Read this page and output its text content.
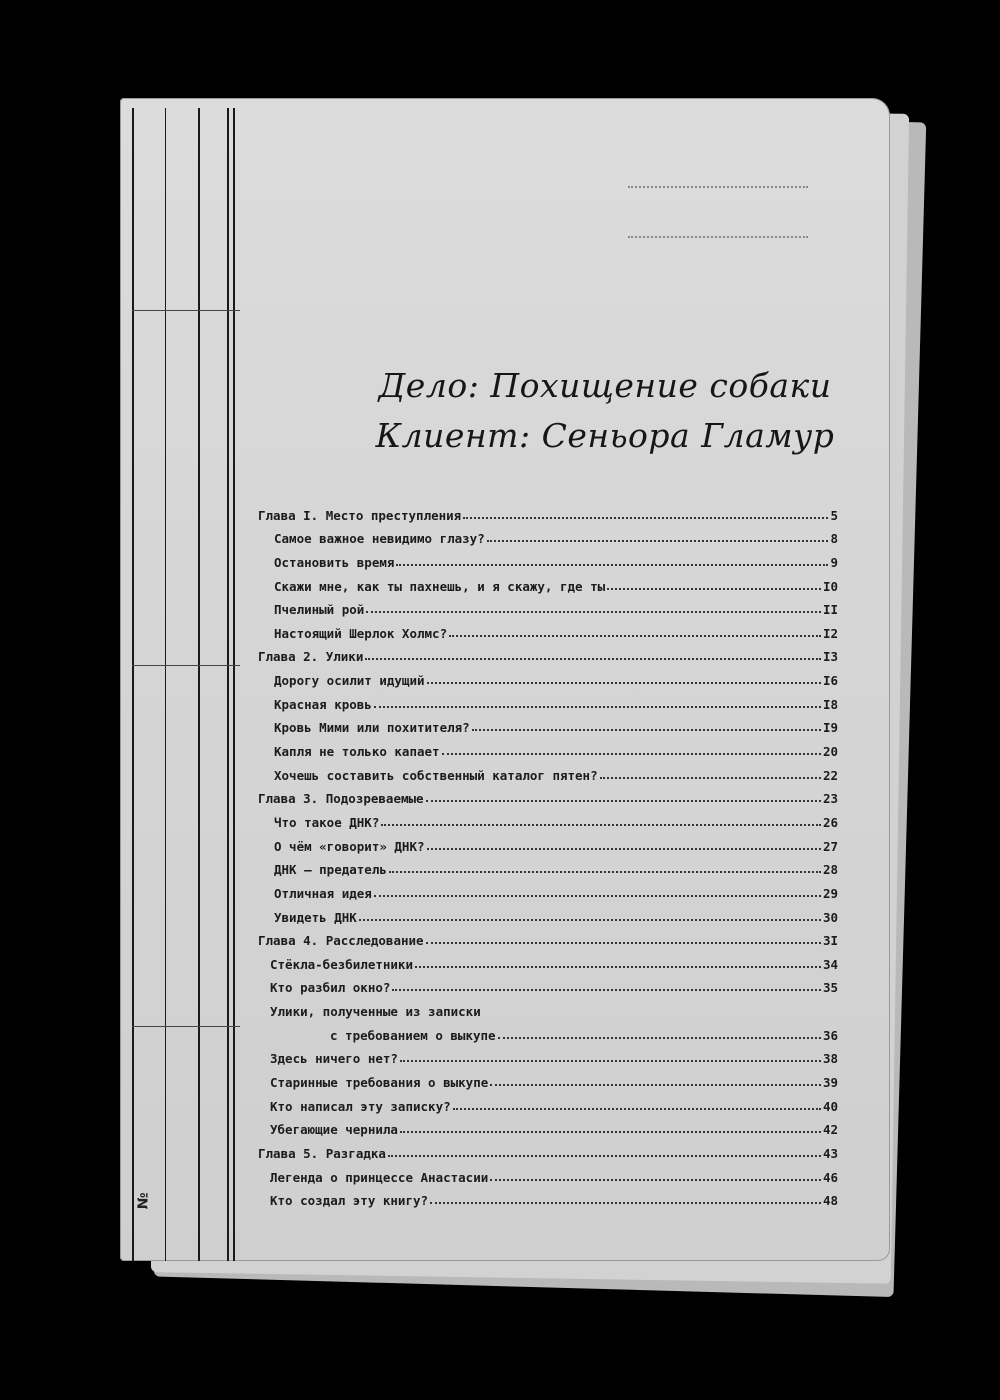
№
Дело: Похищение собаки
Клиент: Сеньора Гламур
Глава I. Место преступления	5
Самое важное невидимо глазу?	8
Остановить время	9
Скажи мне, как ты пахнешь, и я скажу, где ты	I0
Пчелиный рой	II
Настоящий Шерлок Холмс?	I2
Глава 2. Улики	I3
Дорогу осилит идущий	I6
Красная кровь	I8
Кровь Мими или похитителя?	I9
Капля не только капает	20
Хочешь составить собственный каталог пятен?	22
Глава 3. Подозреваемые	23
Что такое ДНК?	26
О чём «говорит» ДНК?	27
ДНК – предатель	28
Отличная идея	29
Увидеть ДНК	30
Глава 4. Расследование	3I
Стёкла-безбилетники	34
Кто разбил окно?	35
Улики, полученные из записки
с требованием о выкупе	36
Здесь ничего нет?	38
Старинные требования о выкупе	39
Кто написал эту записку?	40
Убегающие чернила	42
Глава 5. Разгадка	43
Легенда о принцессе Анастасии	46
Кто создал эту книгу?	48
